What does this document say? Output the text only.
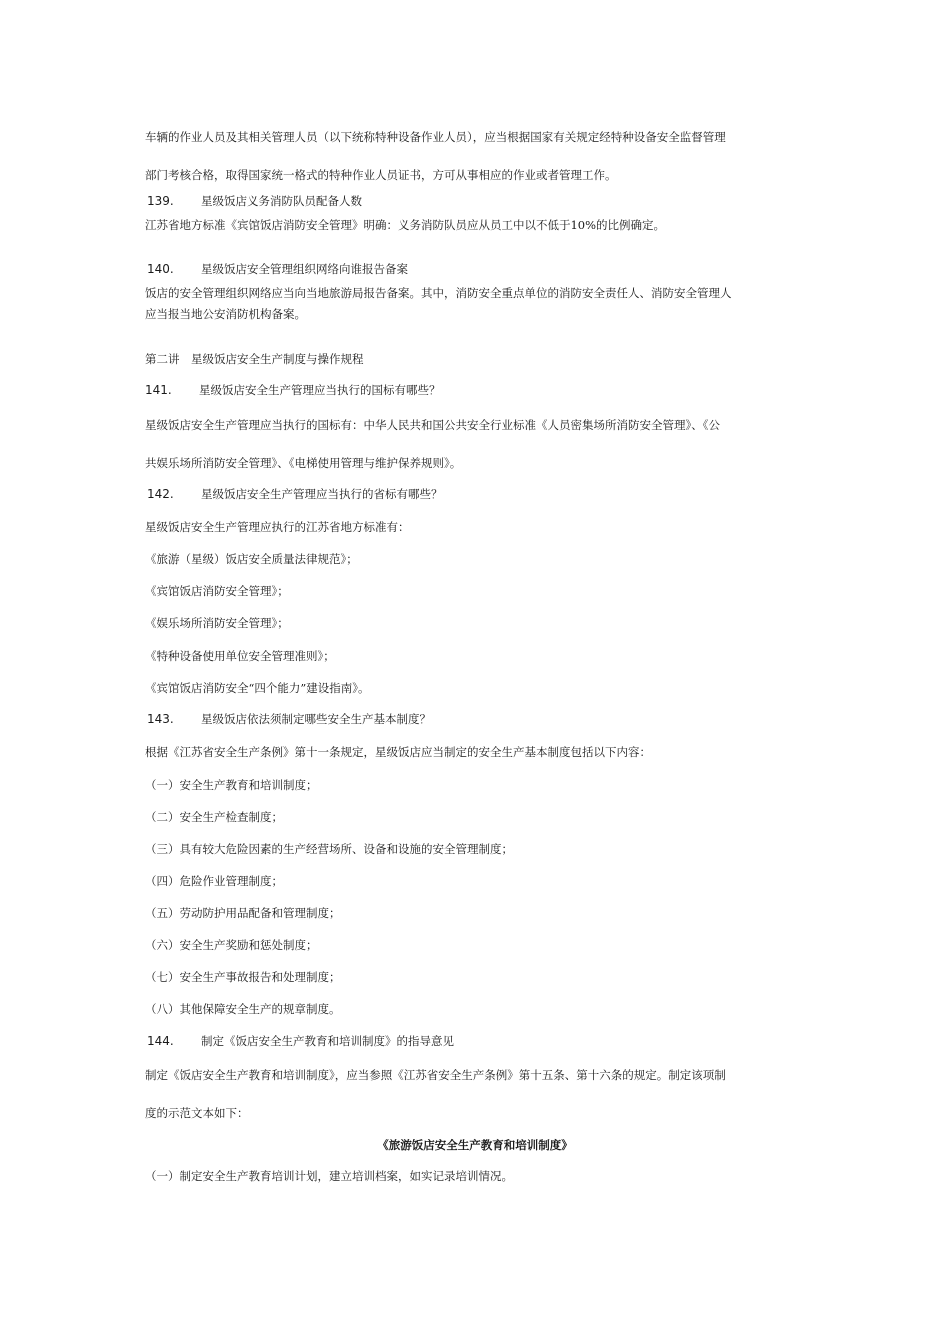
车辆的作业人员及其相关管理人员（以下统称特种设备作业人员），应当根据国家有关规定经特种设备安全监督管理
部门考核合格，取得国家统一格式的特种作业人员证书，方可从事相应的作业或者管理工作。
139. 星级饭店义务消防队员配备人数
江苏省地方标准《宾馆饭店消防安全管理》明确：义务消防队员应从员工中以不低于10%的比例确定。
140. 星级饭店安全管理组织网络向谁报告备案
饭店的安全管理组织网络应当向当地旅游局报告备案。其中，消防安全重点单位的消防安全责任人、消防安全管理人
应当报当地公安消防机构备案。
第二讲　星级饭店安全生产制度与操作规程
141. 星级饭店安全生产管理应当执行的国标有哪些？
星级饭店安全生产管理应当执行的国标有：中华人民共和国公共安全行业标准《人员密集场所消防安全管理》、《公
共娱乐场所消防安全管理》、《电梯使用管理与维护保养规则》。
142. 星级饭店安全生产管理应当执行的省标有哪些？
星级饭店安全生产管理应执行的江苏省地方标准有：
《旅游（星级）饭店安全质量法律规范》；
《宾馆饭店消防安全管理》；
《娱乐场所消防安全管理》；
《特种设备使用单位安全管理准则》；
《宾馆饭店消防安全“四个能力”建设指南》。
143. 星级饭店依法须制定哪些安全生产基本制度？
根据《江苏省安全生产条例》第十一条规定，星级饭店应当制定的安全生产基本制度包括以下内容：
（一）安全生产教育和培训制度；
（二）安全生产检查制度；
（三）具有较大危险因素的生产经营场所、设备和设施的安全管理制度；
（四）危险作业管理制度；
（五）劳动防护用品配备和管理制度；
（六）安全生产奖励和惩处制度；
（七）安全生产事故报告和处理制度；
（八）其他保障安全生产的规章制度。
144. 制定《饭店安全生产教育和培训制度》的指导意见
制定《饭店安全生产教育和培训制度》，应当参照《江苏省安全生产条例》第十五条、第十六条的规定。制定该项制
度的示范文本如下：
《旅游饭店安全生产教育和培训制度》
（一）制定安全生产教育培训计划，建立培训档案，如实记录培训情况。
